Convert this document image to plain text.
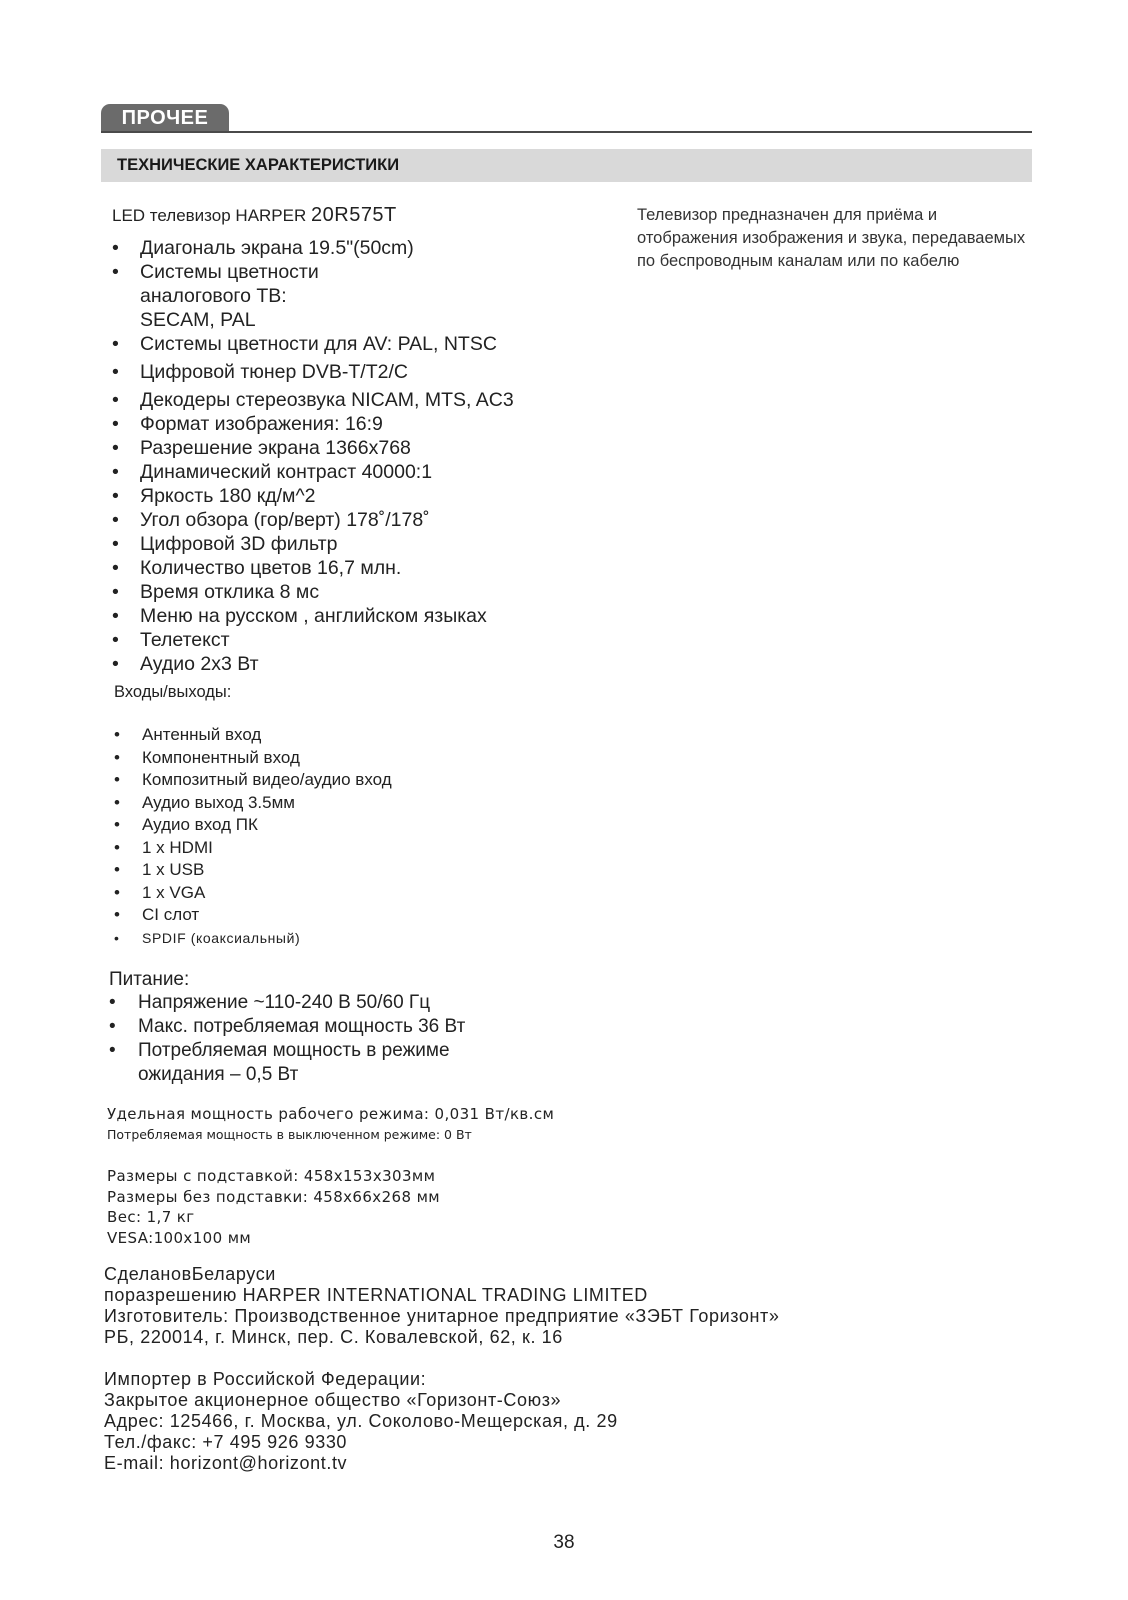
ПРОЧЕЕ
ТЕХНИЧЕСКИЕ ХАРАКТЕРИСТИКИ
LED телевизор HARPER 20R575T	Телевизор предназначен для приёма и отображения изображения и звука, передаваемых по беспроводным каналам или по кабелю
• Диагональ экрана 19.5"(50cm)
• Системы цветности аналогового ТВ: SECAM, PAL
• Системы цветности для AV: PAL, NTSC
• Цифровой тюнер DVB-T/T2/C
• Декодеры стереозвука NICAM, MTS, AC3
• Формат изображения: 16:9
• Разрешение экрана 1366x768
• Динамический контраст 40000:1
• Яркость 180 кд/м^2
• Угол обзора (гор/верт) 178˚/178˚
• Цифровой 3D фильтр
• Количество цветов 16,7 млн.
• Время отклика 8 мс
• Меню на русском , английском языках
• Телетекст
• Аудио 2x3 Вт
Входы/выходы:
• Антенный вход
• Компонентный вход
• Композитный видео/аудио вход
• Аудио выход 3.5мм
• Аудио вход ПК
• 1 x HDMI
• 1 x USB
• 1 x VGA
• CI слот
• SPDIF (коаксиальный)
Питание:
• Напряжение ~110-240 В 50/60 Гц
• Макс. потребляемая мощность 36 Вт
• Потребляемая мощность в режиме ожидания – 0,5 Вт
Удельная мощность рабочего режима: 0,031 Вт/кв.см
Потребляемая мощность в выключенном режиме: 0 Вт
Размеры с подставкой: 458x153x303мм
Размеры без подставки: 458x66x268 мм
Вес: 1,7 кг
VESA:100x100 мм
СделановБеларуси
поразрешению HARPER INTERNATIONAL TRADING LIMITED
Изготовитель: Производственное унитарное предприятие «ЗЭБТ Горизонт»
РБ, 220014, г. Минск, пер. С. Ковалевской, 62, к. 16
Импортер в Российской Федерации:
Закрытое акционерное общество «Горизонт-Союз»
Адрес: 125466, г. Москва, ул. Соколово-Мещерская, д. 29
Тел./факс: +7 495 926 9330
E-mail: horizont@horizont.tv
38
